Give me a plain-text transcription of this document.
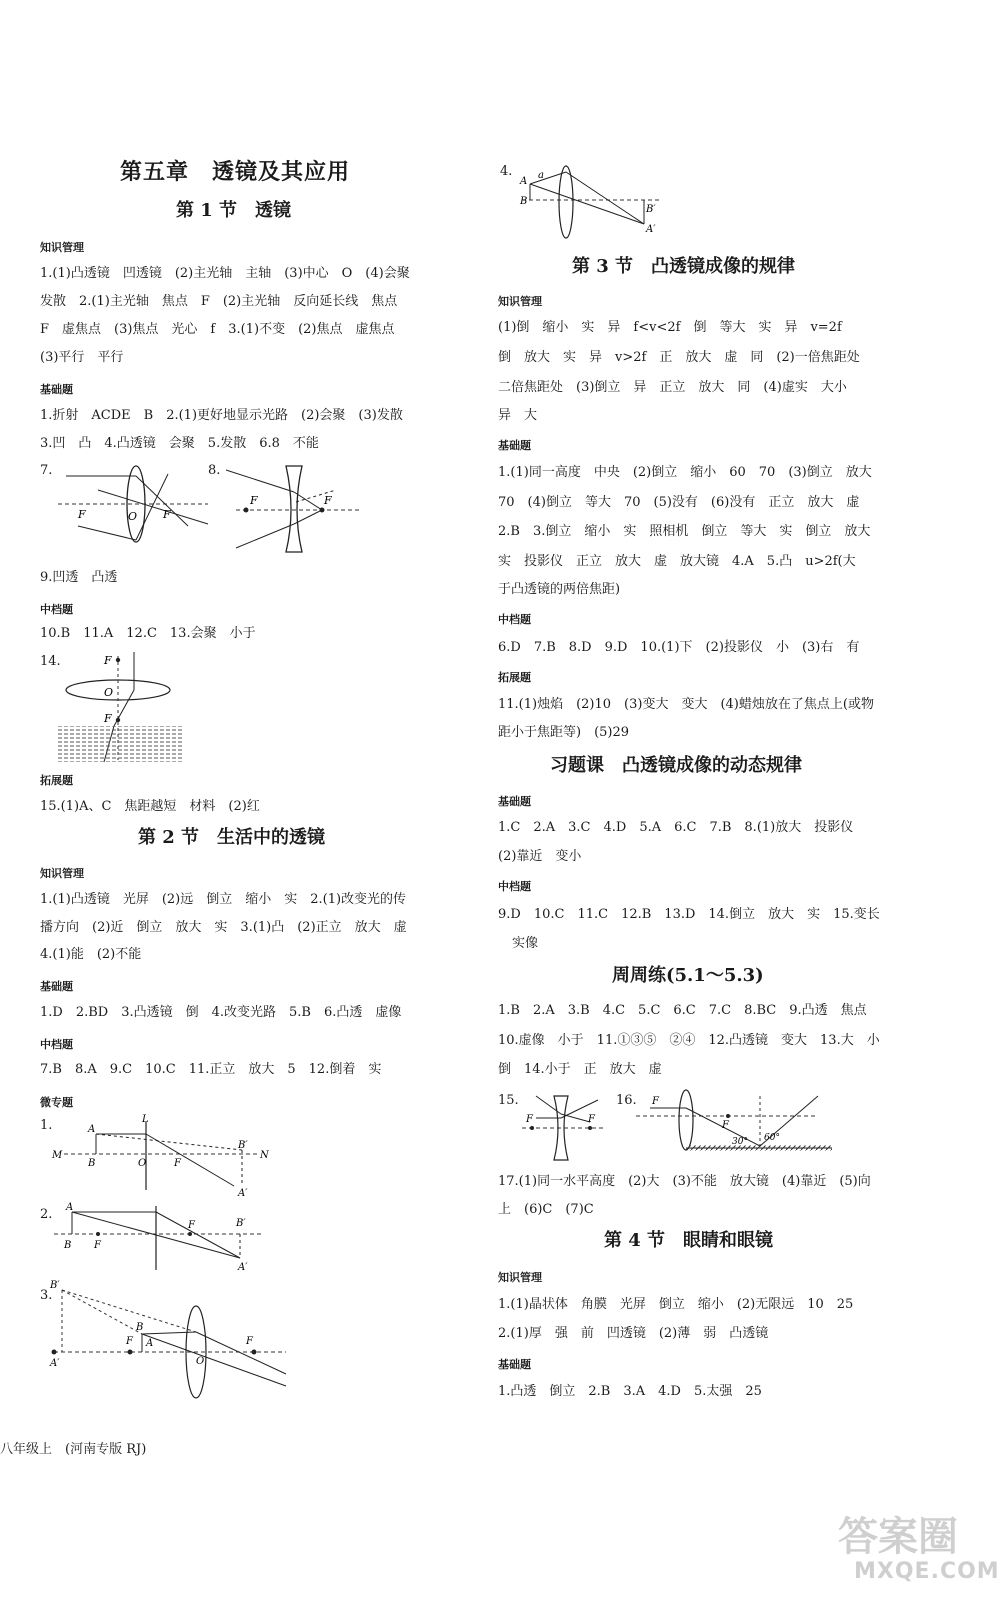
第五章　透镜及其应用
第 1 节　透镜
知识管理
1.(1)凸透镜　凹透镜　(2)主光轴　主轴　(3)中心　O　(4)会聚
发散　2.(1)主光轴　焦点　F　(2)主光轴　反向延长线　焦点
F　虚焦点　(3)焦点　光心　f　3.(1)不变　(2)焦点　虚焦点
(3)平行　平行
基础题
1.折射　ACDE　B　2.(1)更好地显示光路　(2)会聚　(3)发散
3.凹　凸　4.凸透镜　会聚　5.发散　6.8　不能
7.
F	O F
8.
F	F
9.凹透　凸透
中档题
10.B　11.A　12.C　13.会聚　小于
14.	F
O
F
拓展题
15.(1)A、C　焦距越短　材料　(2)红
第 2 节　生活中的透镜
知识管理
1.(1)凸透镜　光屏　(2)远　倒立　缩小　实　2.(1)改变光的传
播方向　(2)近　倒立　放大　实　3.(1)凸　(2)正立　放大　虚
4.(1)能　(2)不能
基础题
1.D　2.BD　3.凸透镜　倒　4.改变光路　5.B　6.凸透　虚像
中档题
7.B　8.A　9.C　10.C　11.正立　放大　5　12.倒着　实
微专题
1.
M	N
A
B
L
O	F
B′
A′
2. A
B F
F	B′
A′
3.
B′
A′
F
B
A
O
F
八年级上　(河南专版 RJ)
4.
A
B
a
B′
A′
第 3 节　凸透镜成像的规律
知识管理
(1)倒　缩小　实　异　f<v<2f　倒　等大　实　异　v=2f
倒　放大　实　异　v>2f　正　放大　虚　同　(2)一倍焦距处
二倍焦距处　(3)倒立　异　正立　放大　同　(4)虚实　大小
异　大
基础题
1.(1)同一高度　中央　(2)倒立　缩小　60　70　(3)倒立　放大
70　(4)倒立　等大　70　(5)没有　(6)没有　正立　放大　虚
2.B　3.倒立　缩小　实　照相机　倒立　等大　实　倒立　放大
实　投影仪　正立　放大　虚　放大镜　4.A　5.凸　u>2f(大
于凸透镜的两倍焦距)
中档题
6.D　7.B　8.D　9.D　10.(1)下　(2)投影仪　小　(3)右　有
拓展题
11.(1)烛焰　(2)10　(3)变大　变大　(4)蜡烛放在了焦点上(或物
距小于焦距等)　(5)29
习题课　凸透镜成像的动态规律
基础题
1.C　2.A　3.C　4.D　5.A　6.C　7.B　8.(1)放大　投影仪
(2)靠近　变小
中档题
9.D　10.C　11.C　12.B　13.D　14.倒立　放大　实　15.变长
实像
周周练(5.1～5.3)
1.B　2.A　3.B　4.C　5.C　6.C　7.C　8.BC　9.凸透　焦点
10.虚像　小于　11.①③⑤　②④　12.凸透镜　变大　13.大　小
倒　14.小于　正　放大　虚
15.
F	F
16. F
F
30° 60°
17.(1)同一水平高度　(2)大　(3)不能　放大镜　(4)靠近　(5)向
上　(6)C　(7)C
第 4 节　眼睛和眼镜
知识管理
1.(1)晶状体　角膜　光屏　倒立　缩小　(2)无限远　10　25
2.(1)厚　强　前　凹透镜　(2)薄　弱　凸透镜
基础题
1.凸透　倒立　2.B　3.A　4.D　5.太强　25
答案圈
MXQE.COM
